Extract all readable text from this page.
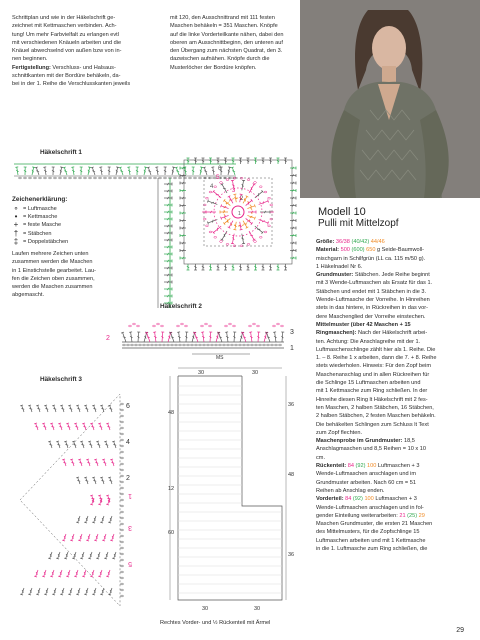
Schrittplan und wie in der Häkelschrift ge-
zeichnet mit Kettmaschen verbinden. Ach-
tung! Um mehr Farbvielfalt zu erlangen evtl
mit verschiedenen Knäueln arbeiten und die
Knäuel abwechselnd von außen bzw von in-
nen beginnen.
Fertigstellung: Verschluss- und Halsaus-
schnittkanten mit der Bordüre behäkeln, da-
bei in der 1. Reihe die Verschlusskanten jeweils
mit 120, den Ausschnittrand mit 111 festen
Maschen behäkeln = 351 Maschen. Knöpfe
auf die linke Vorderteilkante nähen, dabei den
oberen am Ausschnittbeginn, den unteren auf
den Übergang zum nächsten Quadrat, den 3.
dazwischen aufnähen. Knöpfe durch die
Musterlöcher der Bordüre knöpfen.
Häkelschrift 1
6
5
4
3
2
1
Zeichenerklärung:
∘ = Luftmasche
• = Kettmasche
+ = feste Masche
† = Stäbchen
‡ = Doppelstäbchen
Laufen mehrere Zeichen unten
zusammen werden die Maschen
in 1 Einstichstelle gearbeitet. Lau-
fen die Zeichen oben zusammen,
werden die Maschen zusammen
abgemascht.
Häkelschrift 2
MS
3
1
2
Häkelschrift 3
6
4
2
1
3
5
30	30
48
12
60
36
48
36
30	30
Rechtes Vorder- und ½ Rückenteil mit Ärmel
Modell 10
Pulli mit Mittelzopf
Größe: 36/38 (40/42) 44/46
Material: 500 (600) 650 g Seide-Baumwoll-
mischgarn in Schilfgrün (LL ca. 115 m/50 g).
1 Häkelnadel Nr 6.
Grundmuster: Stäbchen. Jede Reihe beginnt
mit 3 Wende-Luftmaschen als Ersatz für das 1.
Stäbchen und endet mit 1 Stäbchen in die 3.
Wende-Luftmasche der Vorreihe. In Hinreihen
stets in das hintere, in Rückreihen in das vor-
dere Maschenglied der Vorreihe einstechen.
Mittelmuster (über 42 Maschen + 15
Ringmaschen): Nach der Häkelschrift arbei-
ten. Achtung: Die Anschlagreihe mit der 1.
Luftmaschenschlinge zählt hier als 1. Reihe. Die
1. – 8. Reihe 1 x arbeiten, dann die 7. + 8. Reihe
stets wiederholen. Hinweis: Für den Zopf beim
Maschenanschlag und in allen Rückreihen für
die Schlinge 15 Luftmaschen arbeiten und
mit 1 Kettmasche zum Ring schließen. In der
Hinreihe diesen Ring lt Häkelschrift mit 2 fes-
ten Maschen, 2 halben Stäbchen, 16 Stäbchen,
2 halben Stäbchen, 2 festen Maschen behäkeln.
Die behäkelten Schlingen zum Schluss lt Text
zum Zopf flechten.
Maschenprobe im Grundmuster: 18,5
Anschlagmaschen und 8,5 Reihen = 10 x 10
cm.
Rückenteil: 84 (92) 100 Luftmaschen + 3
Wende-Luftmaschen anschlagen und im
Grundmuster arbeiten. Nach 60 cm = 51
Reihen ab Anschlag enden.
Vorderteil: 84 (92) 100 Luftmaschen + 3
Wende-Luftmaschen anschlagen und in fol-
gender Einteilung weiterarbeiten: 21 (25) 29
Maschen Grundmuster, die ersten 21 Maschen
des Mittelmusters, für die Zopfschlinge 15
Luftmaschen arbeiten und mit 1 Kettmasche
in die 1. Luftmasche zum Ring schließen, die
29
